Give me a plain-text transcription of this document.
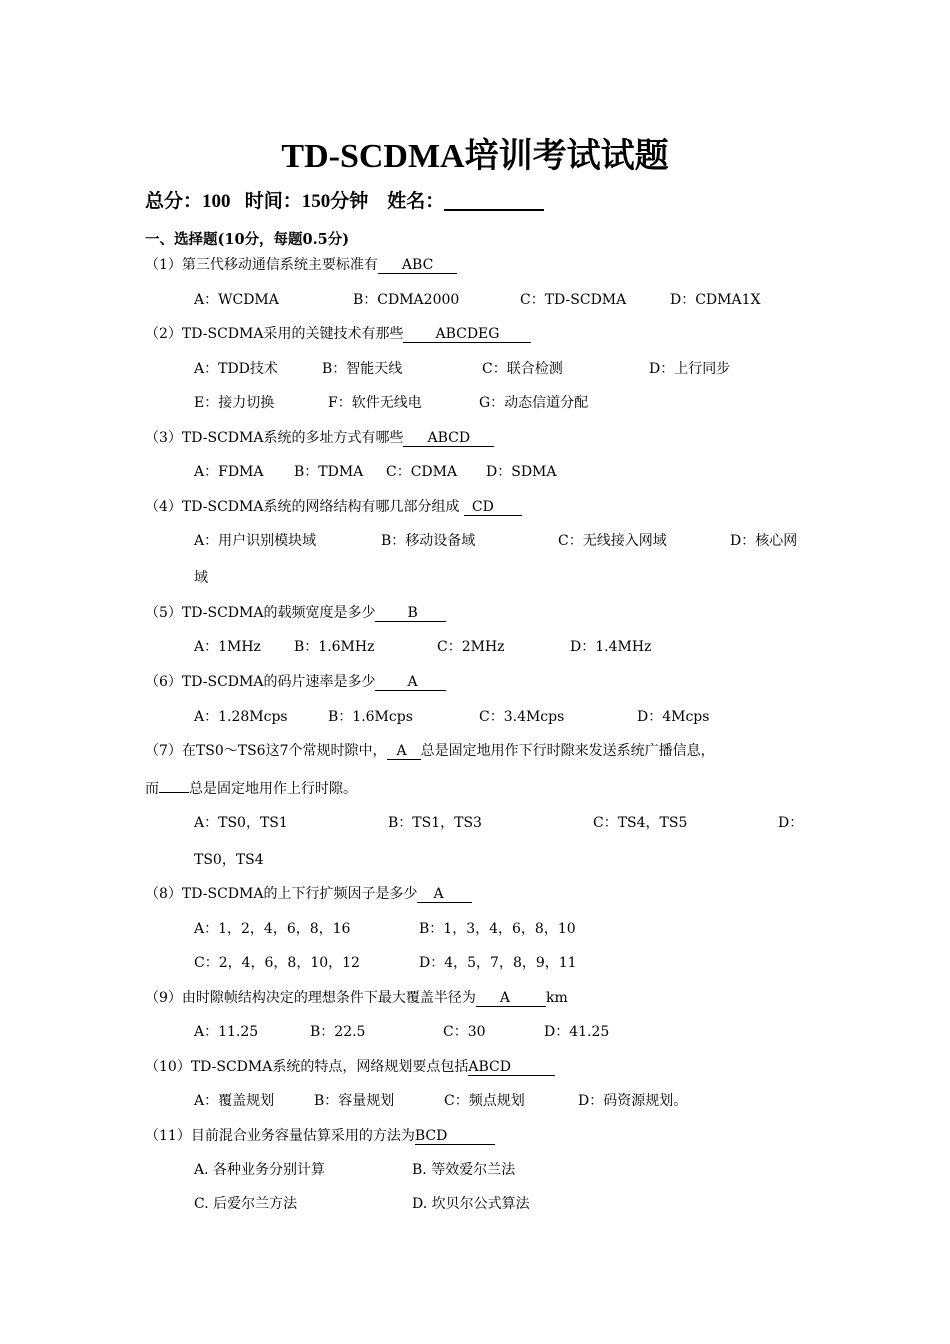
TD-SCDMA培训考试试题
总分：100 时间：150分钟 姓名：
一、选择题(10分，每题0.5分)
（1）第三代移动通信系统主要标准有 ABC
A：WCDMA	B：CDMA2000	C：TD-SCDMA	D：CDMA1X
（2）TD-SCDMA采用的关键技术有那些 ABCDEG
A：TDD技术	B：智能天线	C：联合检测	D：上行同步
E：接力切换	F：软件无线电	G：动态信道分配
（3）TD-SCDMA系统的多址方式有哪些 ABCD
A：FDMA B：TDMA C：CDMA D：SDMA
（4）TD-SCDMA系统的网络结构有哪几部分组成 CD
A：用户识别模块域	B：移动设备域	C：无线接入网域	D：核心网
域
（5）TD-SCDMA的载频宽度是多少 B
A：1MHz B：1.6MHz	C：2MHz	D：1.4MHz
（6）TD-SCDMA的码片速率是多少 A
A：1.28Mcps	B：1.6Mcps	C：3.4Mcps	D：4Mcps
（7）在TS0～TS6这7个常规时隙中， A 总是固定地用作下行时隙来发送系统广播信息，
而 总是固定地用作上行时隙。
A：TS0，TS1	B：TS1，TS3	C：TS4，TS5	D：
TS0，TS4
（8）TD-SCDMA的上下行扩频因子是多少 A
A：1，2，4，6，8，16	B：1，3，4，6，8，10
C：2，4，6，8，10，12	D：4，5，7，8，9，11
（9）由时隙帧结构决定的理想条件下最大覆盖半径为 A	km
A：11.25	B：22.5	C：30	D：41.25
（10）TD-SCDMA系统的特点，网络规划要点包括ABCD
A：覆盖规划	B：容量规划	C：频点规划	D：码资源规划。
（11）目前混合业务容量估算采用的方法为BCD
A. 各种业务分别计算	B. 等效爱尔兰法
C. 后爱尔兰方法	D. 坎贝尔公式算法
